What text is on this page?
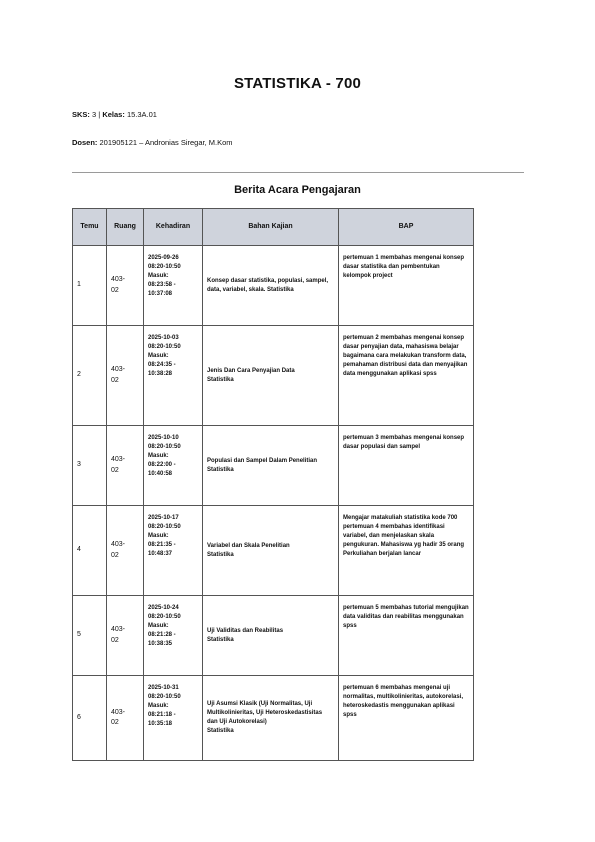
STATISTIKA - 700
SKS: 3 | Kelas: 15.3A.01
Dosen: 201905121 – Andronias Siregar, M.Kom
Berita Acara Pengajaran
Temu	Ruang	Kehadiran	Bahan Kajian	BAP
1	403-
02	2025-09-26
08:20-10:50
Masuk:
08:23:58 -
10:37:08	Konsep dasar statistika, populasi, sampel, data, variabel, skala. Statistika	pertemuan 1 membahas mengenai konsep dasar statistika dan pembentukan kelompok project
2	403-
02	2025-10-03
08:20-10:50
Masuk:
08:24:35 -
10:38:28	Jenis Dan Cara Penyajian Data
Statistika	pertemuan 2 membahas mengenai konsep dasar penyajian data, mahasiswa belajar bagaimana cara melakukan transform data, pemahaman distribusi data dan menyajikan data menggunakan aplikasi spss
3	403-
02	2025-10-10
08:20-10:50
Masuk:
08:22:00 -
10:40:58	Populasi dan Sampel Dalam Penelitian
Statistika	pertemuan 3 membahas mengenai konsep dasar populasi dan sampel
4	403-
02	2025-10-17
08:20-10:50
Masuk:
08:21:35 -
10:48:37	Variabel dan Skala Penelitian
Statistika	Mengajar matakuliah statistika kode 700 pertemuan 4 membahas identifikasi variabel, dan menjelaskan skala pengukuran. Mahasiswa yg hadir 35 orang Perkuliahan berjalan lancar
5	403-
02	2025-10-24
08:20-10:50
Masuk:
08:21:28 -
10:38:35	Uji Validitas dan Reabilitas
Statistika	pertemuan 5 membahas tutorial mengujikan data validitas dan reabilitas menggunakan spss
6	403-
02	2025-10-31
08:20-10:50
Masuk:
08:21:18 -
10:35:18	Uji Asumsi Klasik (Uji Normalitas, Uji Multikolinieritas, Uji Heteroskedastisitas dan Uji Autokorelasi)
Statistika	pertemuan 6 membahas mengenai uji normalitas, multikolinieritas, autokorelasi, heteroskedastis menggunakan aplikasi spss
